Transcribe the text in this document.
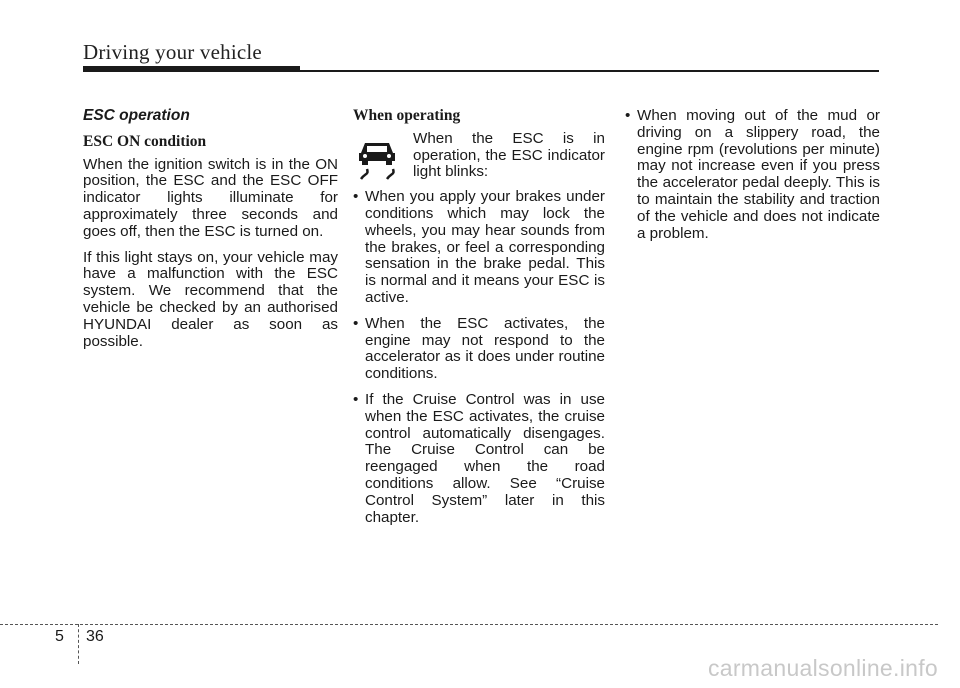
Driving your vehicle
ESC operation
ESC ON condition

When the ignition switch is in the ON position, the ESC and the ESC OFF indicator lights illuminate for approximately three seconds and goes off, then the ESC is turned on.

If this light stays on, your vehicle may have a malfunction with the ESC system. We recommend that the vehicle be checked by an authorised HYUNDAI dealer as soon as possible.

When operating
When the ESC is in operation, the ESC indicator light blinks:
• When you apply your brakes under conditions which may lock the wheels, you may hear sounds from the brakes, or feel a corresponding sensation in the brake pedal. This is normal and it means your ESC is active.
• When the ESC activates, the engine may not respond to the accelerator as it does under routine conditions.
• If the Cruise Control was in use when the ESC activates, the cruise control automatically disengages. The Cruise Control can be reengaged when the road conditions allow. See “Cruise Control System” later in this chapter.
• When moving out of the mud or driving on a slippery road, the engine rpm (revolutions per minute) may not increase even if you press the accelerator pedal deeply. This is to maintain the stability and traction of the vehicle and does not indicate a problem.
5 36
carmanualsonline.info
